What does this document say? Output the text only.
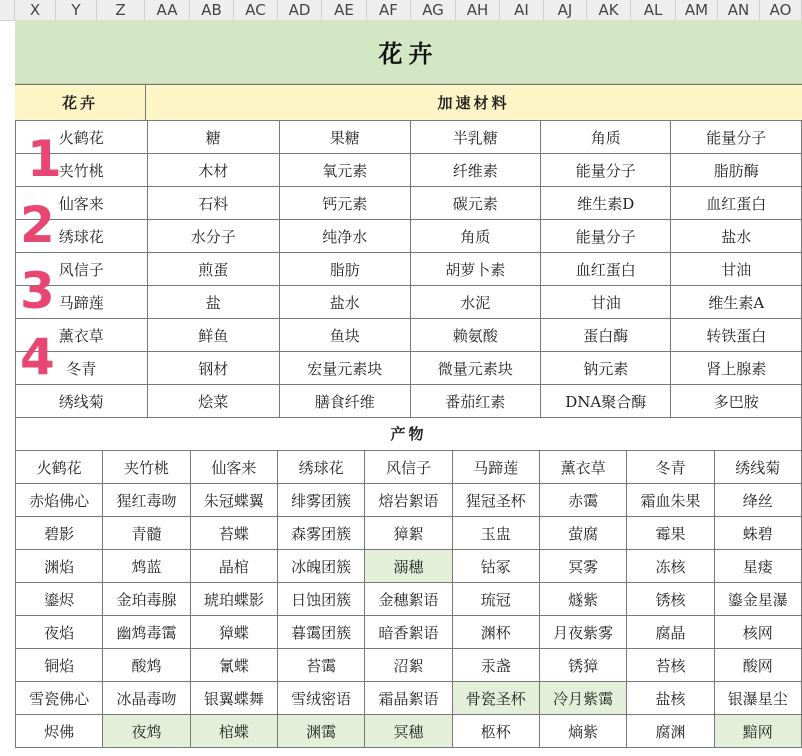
X	Y	Z	AA	AB	AC	AD	AE	AF	AG	AH	AI	AJ	AK	AL	AM	AN	AO
花卉
花卉	加速材料
火鹤花	糖	果糖	半乳糖	角质	能量分子
夹竹桃	木材	氧元素	纤维素	能量分子	脂肪酶
仙客来	石料	钙元素	碳元素	维生素D	血红蛋白
绣球花	水分子	纯净水	角质	能量分子	盐水
风信子	煎蛋	脂肪	胡萝卜素	血红蛋白	甘油
马蹄莲	盐	盐水	水泥	甘油	维生素A
薰衣草	鲜鱼	鱼块	赖氨酸	蛋白酶	转铁蛋白
冬青	钢材	宏量元素块	微量元素块	钠元素	肾上腺素
绣线菊	烩菜	膳食纤维	番茄红素	DNA聚合酶	多巴胺
产物
火鹤花	夹竹桃	仙客来	绣球花	风信子	马蹄莲	薰衣草	冬青	绣线菊
赤焰佛心	猩红毒吻	朱冠蝶翼	绯雾团簇	熔岩絮语	猩冠圣杯	赤霭	霜血朱果	绛丝
碧影	青髓	苔蝶	森雾团簇	獐絮	玉盅	萤腐	霉果	蛛碧
渊焰	鸩蓝	晶棺	冰魄团簇	溺穗	钴冢	冥雾	冻核	星瘘
鎏烬	金珀毒腺	琥珀蝶影	日蚀团簇	金穗絮语	琉冠	燧紫	锈核	鎏金星瀑
夜焰	幽鸩毒霭	獐蝶	暮霭团簇	暗香絮语	渊杯	月夜紫雾	腐晶	核网
铜焰	酸鸩	氰蝶	苔霭	沼絮	汞盏	锈獐	苔核	酸网
雪瓷佛心	冰晶毒吻	银翼蝶舞	雪绒密语	霜晶絮语	骨瓷圣杯	冷月紫霭	盐核	银瀑星尘
烬佛	夜鸩	棺蝶	渊霭	冥穗	柩杯	熵紫	腐渊	黯网
1
2
3
4
